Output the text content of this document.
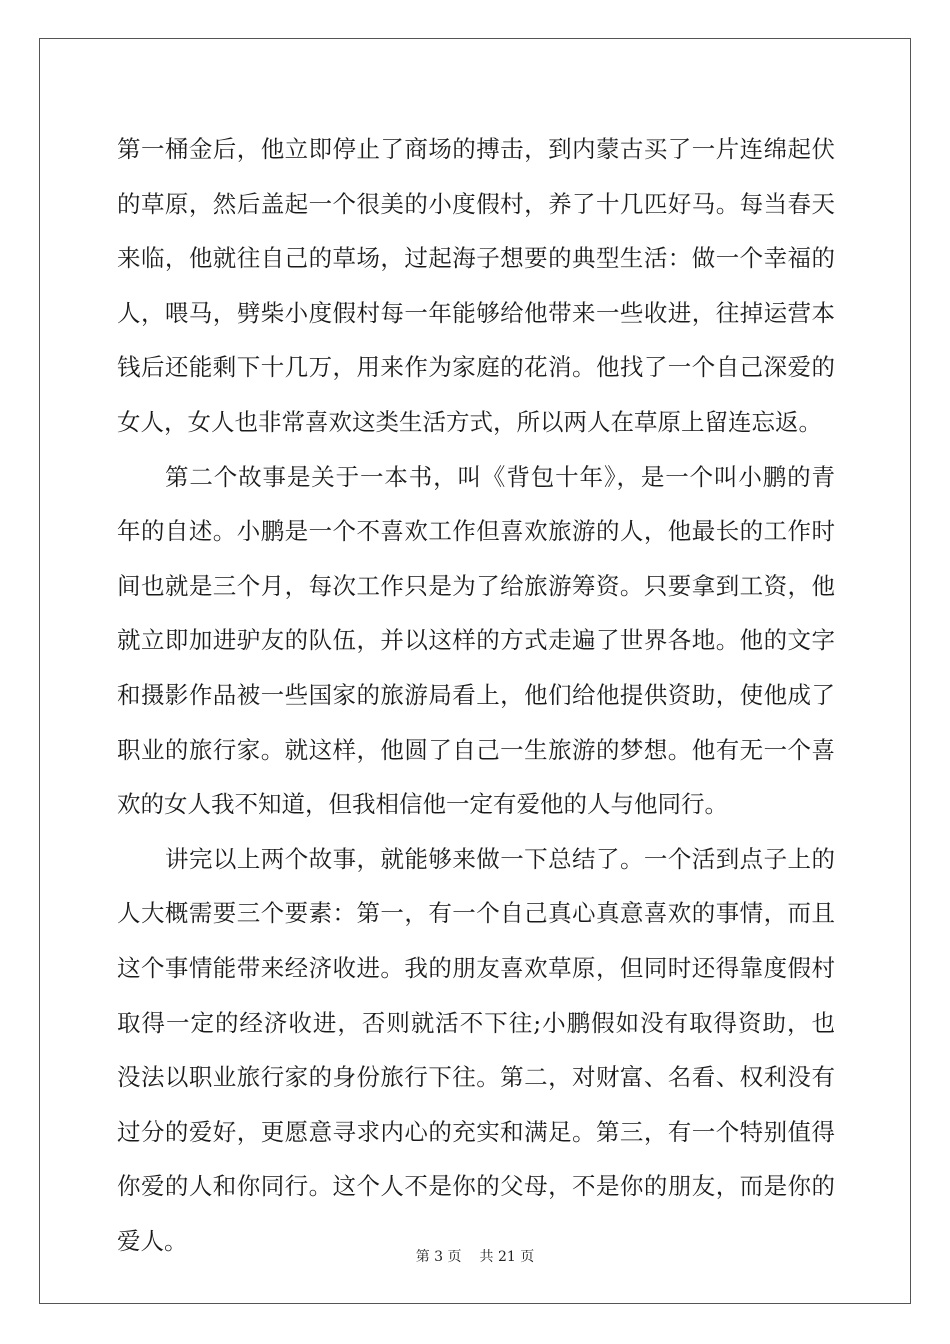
第一桶金后，他立即停止了商场的搏击，到内蒙古买了一片连绵起伏
的草原，然后盖起一个很美的小度假村，养了十几匹好马。每当春天
来临，他就往自己的草场，过起海子想要的典型生活：做一个幸福的
人，喂马，劈柴小度假村每一年能够给他带来一些收进，往掉运营本
钱后还能剩下十几万，用来作为家庭的花消。他找了一个自己深爱的
女人，女人也非常喜欢这类生活方式，所以两人在草原上留连忘返。
第二个故事是关于一本书，叫《背包十年》，是一个叫小鹏的青
年的自述。小鹏是一个不喜欢工作但喜欢旅游的人，他最长的工作时
间也就是三个月，每次工作只是为了给旅游筹资。只要拿到工资，他
就立即加进驴友的队伍，并以这样的方式走遍了世界各地。他的文字
和摄影作品被一些国家的旅游局看上，他们给他提供资助，使他成了
职业的旅行家。就这样，他圆了自己一生旅游的梦想。他有无一个喜
欢的女人我不知道，但我相信他一定有爱他的人与他同行。
讲完以上两个故事，就能够来做一下总结了。一个活到点子上的
人大概需要三个要素：第一，有一个自己真心真意喜欢的事情，而且
这个事情能带来经济收进。我的朋友喜欢草原，但同时还得靠度假村
取得一定的经济收进，否则就活不下往;小鹏假如没有取得资助，也
没法以职业旅行家的身份旅行下往。第二，对财富、名看、权利没有
过分的爱好，更愿意寻求内心的充实和满足。第三，有一个特别值得
你爱的人和你同行。这个人不是你的父母，不是你的朋友，而是你的
爱人。
第 3 页 共 21 页
